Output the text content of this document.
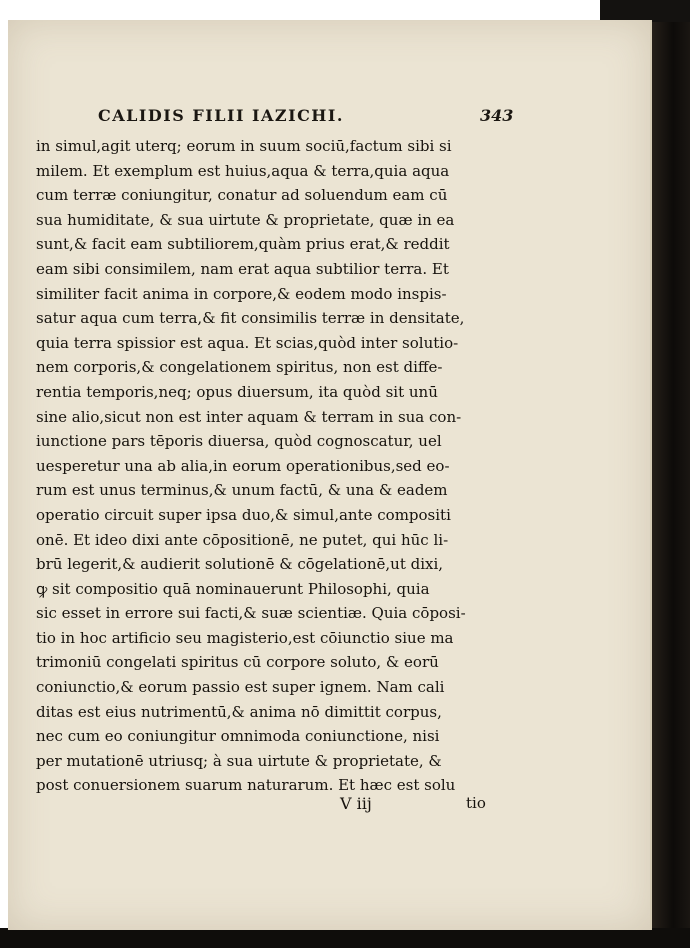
CALIDIS FILII IAZICHI.	343
in simul,agit uterq; eorum in suum sociū,factum sibi si
milem. Et exemplum est huius,aqua & terra,quia aqua
cum terræ coniungitur, conatur ad soluendum eam cū
sua humiditate, & sua uirtute & proprietate, quæ in ea
sunt,& facit eam subtiliorem,quàm prius erat,& reddit
eam sibi consimilem, nam erat aqua subtilior terra. Et
similiter facit anima in corpore,& eodem modo inspis-
satur aqua cum terra,& fit consimilis terræ in densitate,
quia terra spissior est aqua. Et scias,quòd inter solutio-
nem corporis,& congelationem spiritus, non est diffe-
rentia temporis,neq; opus diuersum, ita quòd sit unū
sine alio,sicut non est inter aquam & terram in sua con-
iunctione pars tēporis diuersa, quòd cognoscatur, uel
uesperetur una ab alia,in eorum operationibus,sed eo-
rum est unus terminus,& unum factū, & una & eadem
operatio circuit super ipsa duo,& simul,ante compositi
onē. Et ideo dixi ante cōpositionē, ne putet, qui hūc li-
brū legerit,& audierit solutionē & cōgelationē,ut dixi,
ꝙ sit compositio quā nominauerunt Philosophi, quia
sic esset in errore sui facti,& suæ scientiæ. Quia cōposi-
tio in hoc artificio seu magisterio,est cōiunctio siue ma
trimoniū congelati spiritus cū corpore soluto, & eorū
coniunctio,& eorum passio est super ignem. Nam cali
ditas est eius nutrimentū,& anima nō dimittit corpus,
nec cum eo coniungitur omnimoda coniunctione, nisi
per mutationē utriusq; à sua uirtute & proprietate, &
post conuersionem suarum naturarum. Et hæc est solu
V iij	tio
